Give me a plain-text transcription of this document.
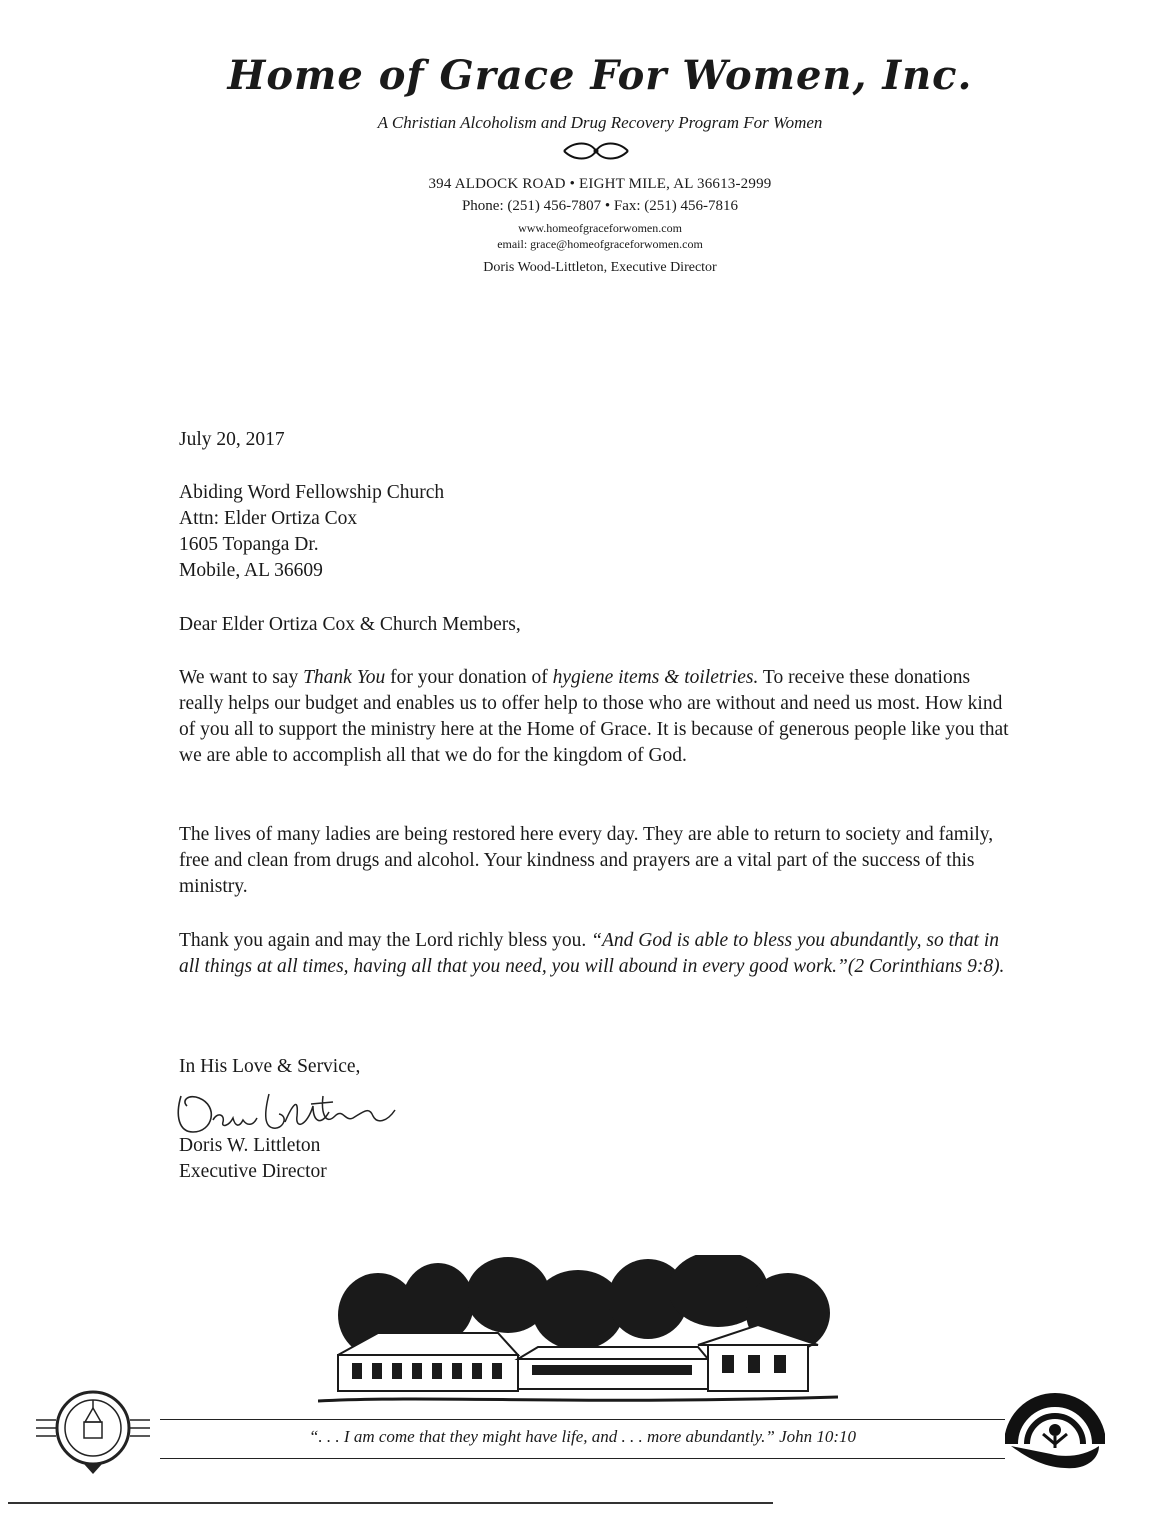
Home of Grace For Women, Inc.
A Christian Alcoholism and Drug Recovery Program For Women
394 ALDOCK ROAD • EIGHT MILE, AL 36613-2999
Phone: (251) 456-7807 • Fax: (251) 456-7816
www.homeofgraceforwomen.com
email: grace@homeofgraceforwomen.com
Doris Wood-Littleton, Executive Director
July 20, 2017
Abiding Word Fellowship Church
Attn: Elder Ortiza Cox
1605 Topanga Dr.
Mobile, AL 36609
Dear Elder Ortiza Cox & Church Members,
We want to say Thank You for your donation of hygiene items & toiletries. To receive these donations really helps our budget and enables us to offer help to those who are without and need us most. How kind of you all to support the ministry here at the Home of Grace. It is because of generous people like you that we are able to accomplish all that we do for the kingdom of God.
The lives of many ladies are being restored here every day. They are able to return to society and family, free and clean from drugs and alcohol. Your kindness and prayers are a vital part of the success of this ministry.
Thank you again and may the Lord richly bless you. “And God is able to bless you abundantly, so that in all things at all times, having all that you need, you will abound in every good work.”(2 Corinthians 9:8).
In His Love & Service,
Doris Littleton
Doris W. Littleton
Executive Director
“. . . I am come that they might have life, and . . . more abundantly.” John 10:10
